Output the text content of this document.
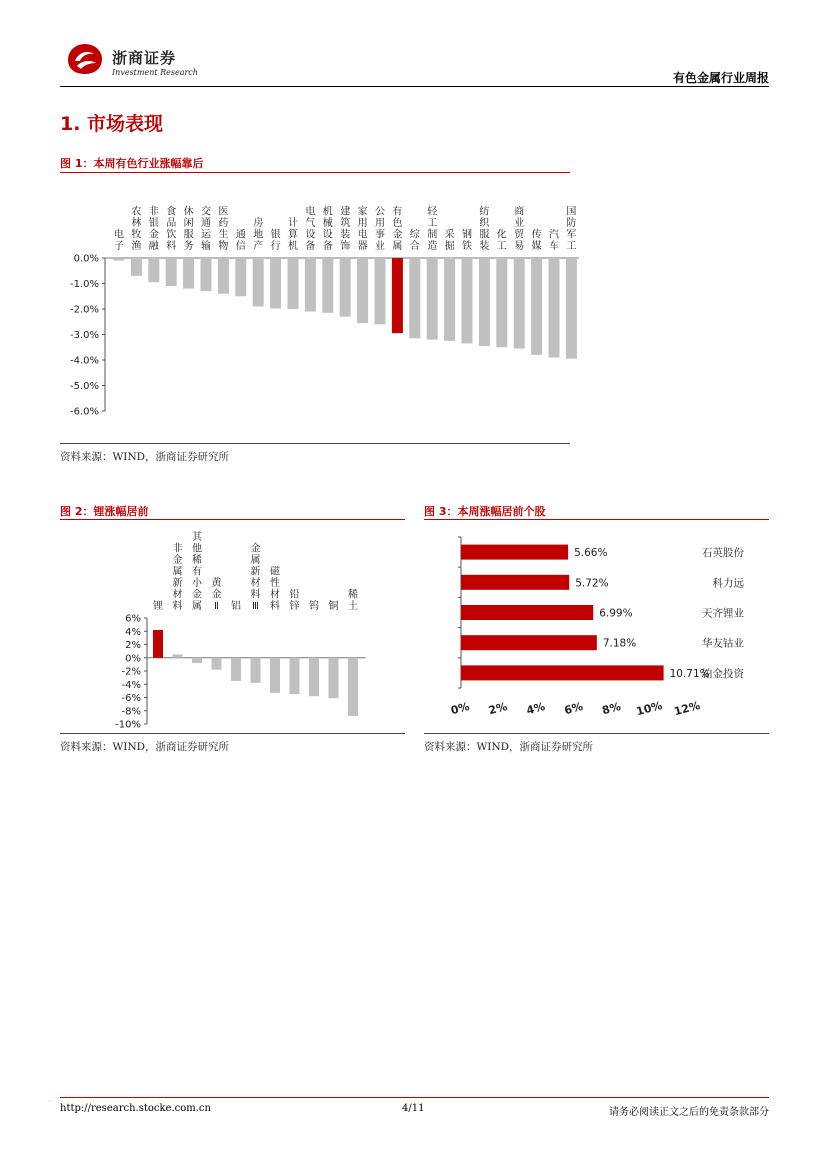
浙商证券
Investment Research	有色金属行业周报
1. 市场表现
图 1：本周有色行业涨幅靠后
0.0%
-1.0%
-2.0%
-3.0%
-4.0%
-5.0%
-6.0%
电子
农林牧渔
非银金融
食品饮料
休闲服务
交通运输
医药生物
通信
房地产
银行
计算机
电气设备
机械设备
建筑装饰
家用电器
公用事业
有色金属
综合
轻工制造
采掘
钢铁
纺织服装
化工
商业贸易
传媒
汽车
国防军工
资料来源：WIND，浙商证券研究所
图 2：锂涨幅居前
6%
4%
2%
0%
-2%
-4%
-6%
-8%
-10%
锂
非金属新材料
其他稀有小金属
黄金 Ⅱ	铝
金属新材料 Ⅲ
磁性材料
铅锌 钨 铜
稀土
资料来源：WIND，浙商证券研究所
图 3：本周涨幅居前个股
5.66%	石英股份
5.72%	科力远
6.99%	天齐锂业
7.18%	华友钴业
10.71%
铂金投资
0% 2% 4% 6% 8% 10% 12%
资料来源：WIND，浙商证券研究所
http://research.stocke.com.cn	4/11	请务必阅读正文之后的免责条款部分
